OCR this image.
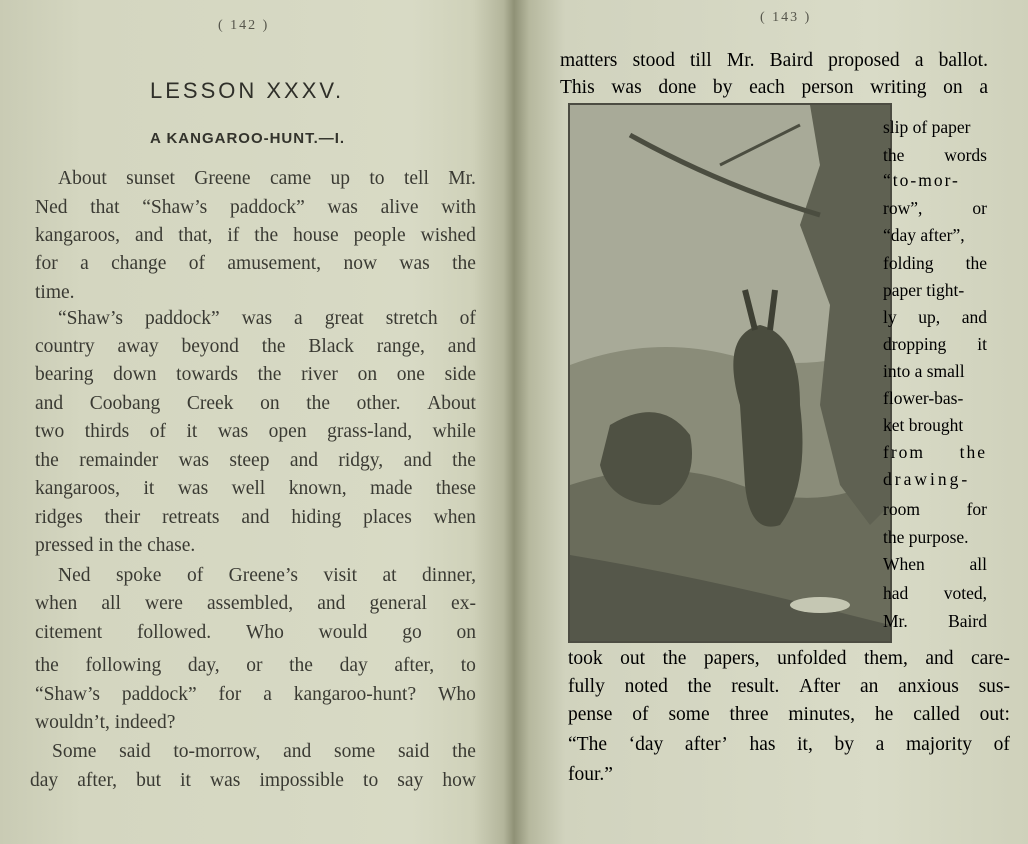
( 142 )
LESSON XXXV.
A KANGAROO-HUNT.—I.
About sunset Greene came up to tell Mr.
Ned that “Shaw’s paddock” was alive with
kangaroos, and that, if the house people wished
for a change of amusement, now was the
time.
“Shaw’s paddock” was a great stretch of
country away beyond the Black range, and
bearing down towards the river on one side
and Coobang Creek on the other. About
two thirds of it was open grass-land, while
the remainder was steep and ridgy, and the
kangaroos, it was well known, made these
ridges their retreats and hiding places when
pressed in the chase.
Ned spoke of Greene’s visit at dinner,
when all were assembled, and general ex-
citement followed. Who would go on
the following day, or the day after, to
“Shaw’s paddock” for a kangaroo-hunt? Who
wouldn’t, indeed?
Some said to-morrow, and some said the
day after, but it was impossible to say how
( 143 )
matters stood till Mr. Baird proposed a ballot.
This was done by each person writing on a
slip of paper
the words
“to-mor-
row”,	or
“day after”,
folding the
paper tight-
ly up, and
dropping it
into a small
flower-bas-
ket brought
from the
drawing-
room	for
the purpose.
When	all
had voted,
Mr. Baird
took out the papers, unfolded them, and care-
fully noted the result. After an anxious sus-
pense of some three minutes, he called out:
“The ‘day after’ has it, by a majority of
four.”
